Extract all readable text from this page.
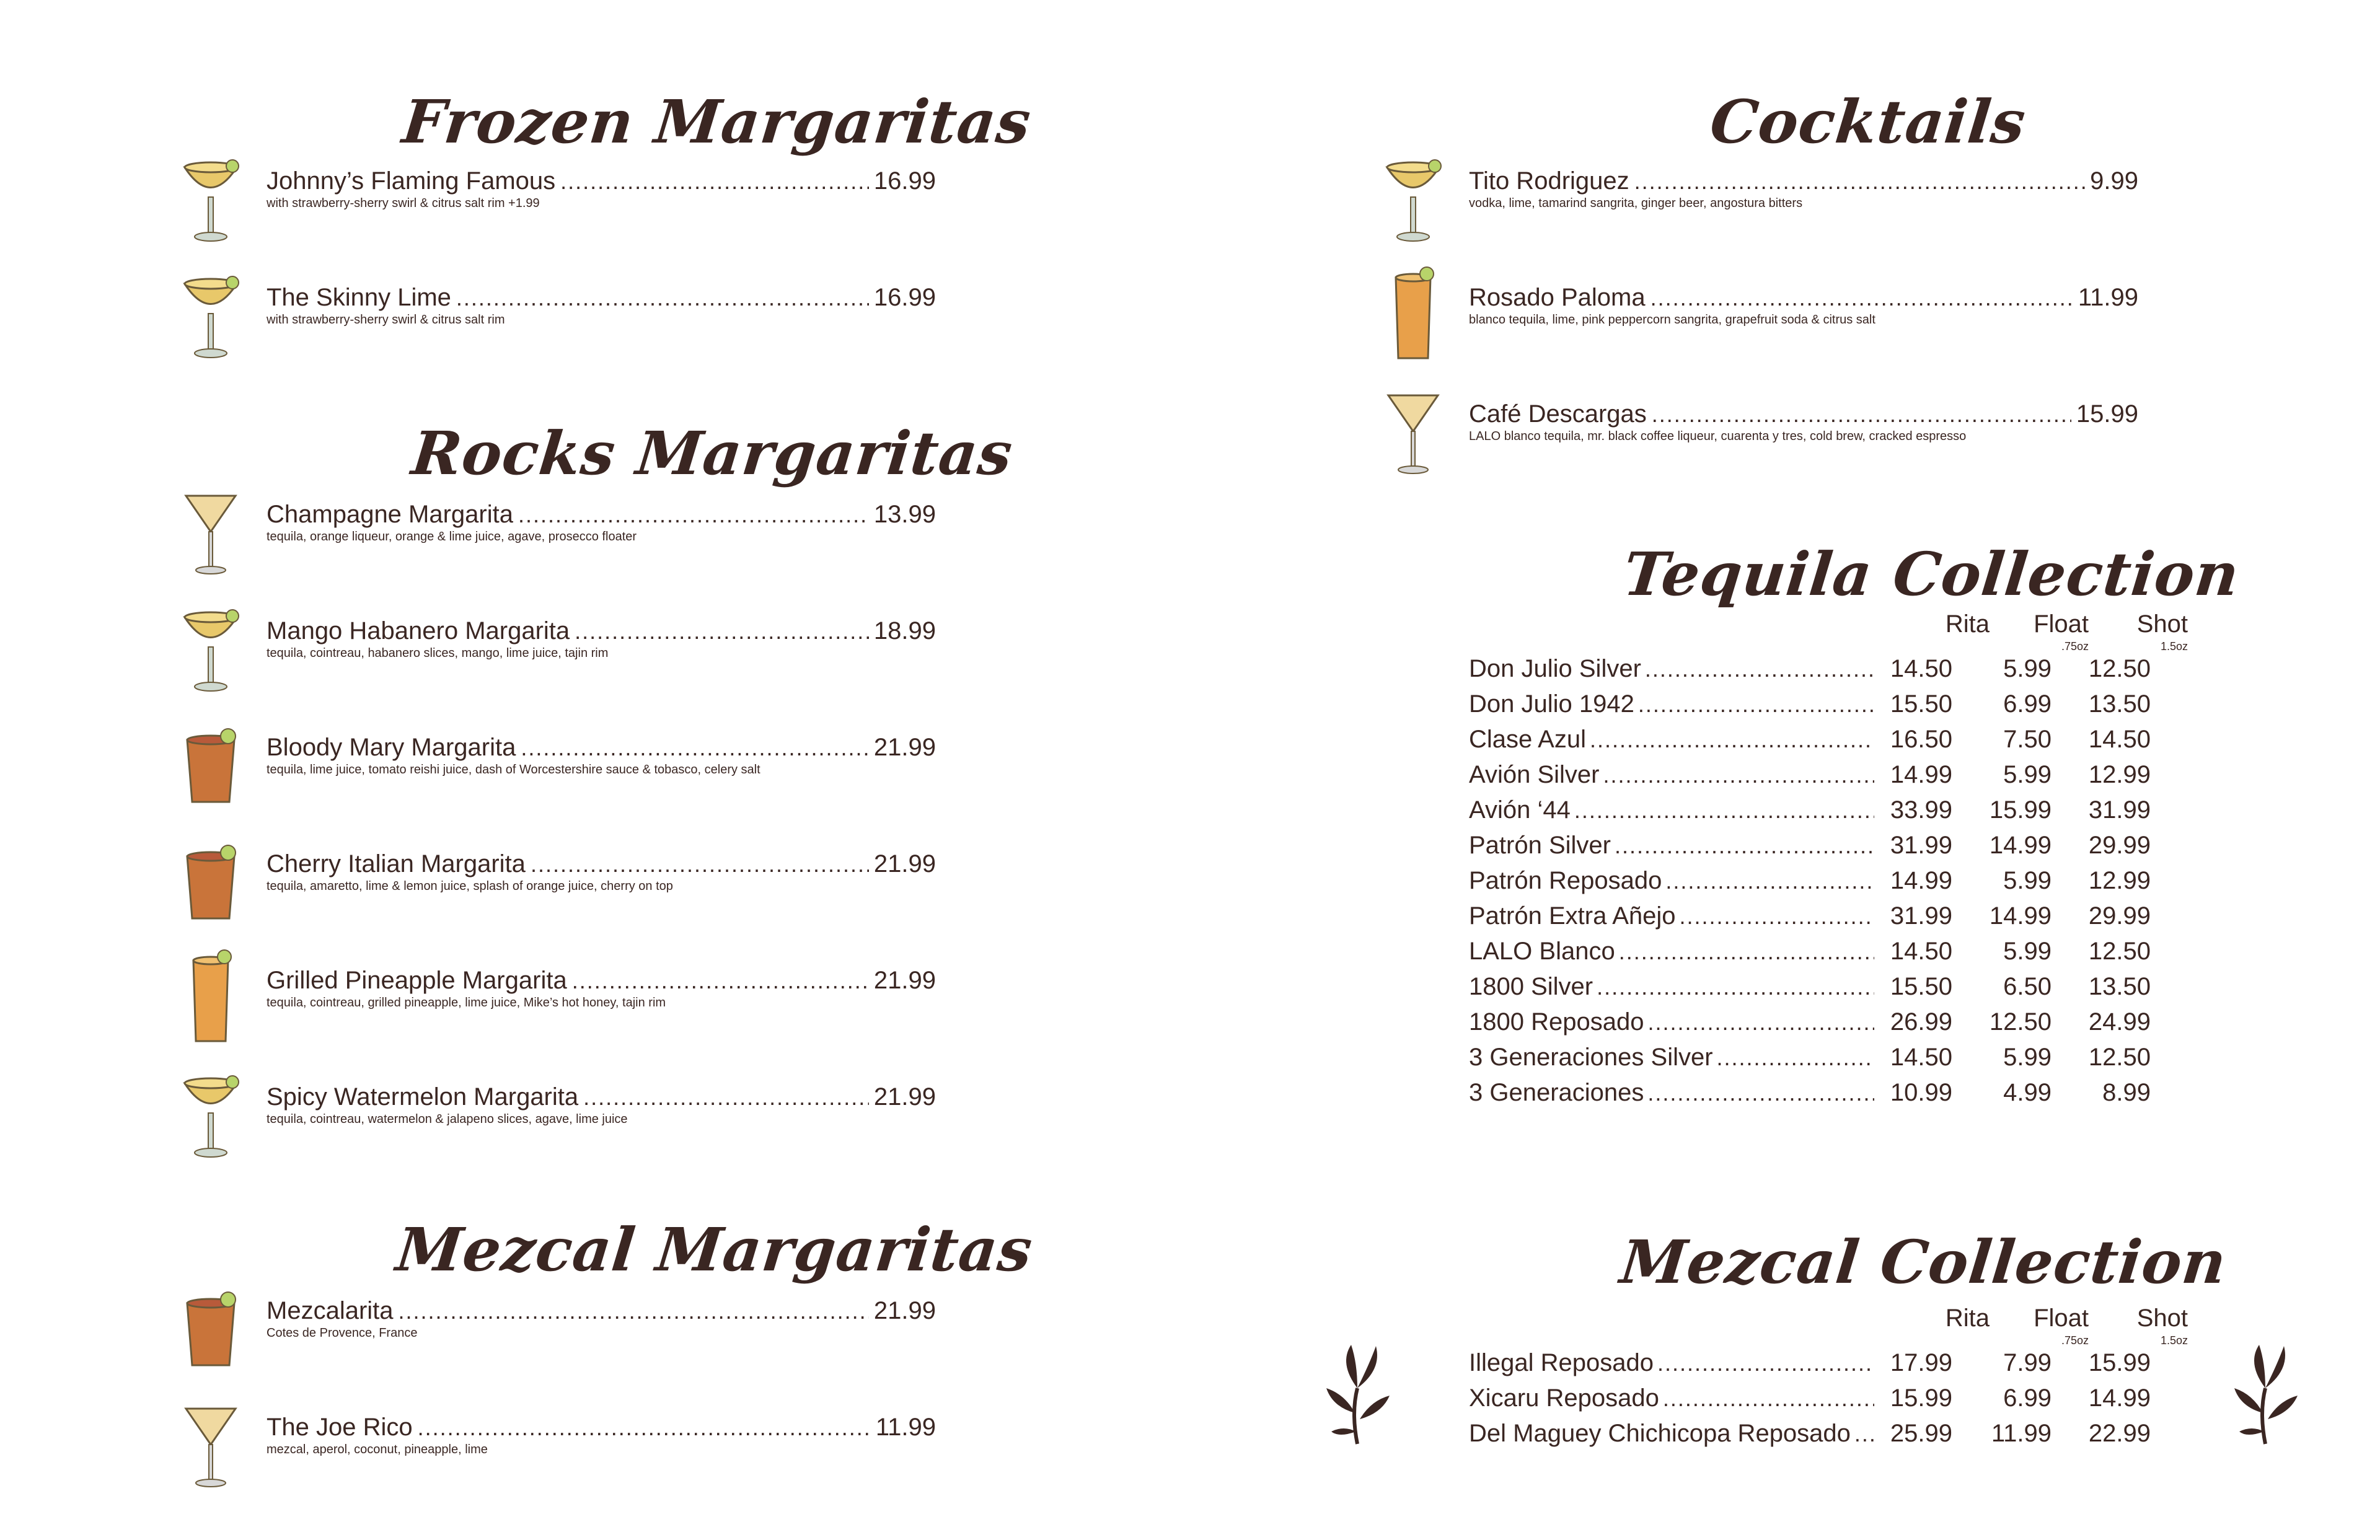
Frozen Margaritas
Johnny’s Flaming Famous .....	16.99
with strawberry-sherry swirl & citrus salt rim +1.99
The Skinny Lime .....	16.99
with strawberry-sherry swirl & citrus salt rim
Rocks Margaritas
Champagne Margarita .....	13.99
tequila, orange liqueur, orange & lime juice, agave, prosecco floater
Mango Habanero Margarita .....	18.99
tequila, cointreau, habanero slices, mango, lime juice, tajin rim
Bloody Mary Margarita .....	21.99
tequila, lime juice, tomato reishi juice, dash of Worcestershire sauce & tobasco, celery salt
Cherry Italian Margarita .....	21.99
tequila, amaretto, lime & lemon juice, splash of orange juice, cherry on top
Grilled Pineapple Margarita .....	21.99
tequila, cointreau, grilled pineapple, lime juice, Mike’s hot honey, tajin rim
Spicy Watermelon Margarita .....	21.99
tequila, cointreau, watermelon & jalapeno slices, agave, lime juice
Mezcal Margaritas
Mezcalarita .....	21.99
Cotes de Provence, France
The Joe Rico .....	11.99
mezcal, aperol, coconut, pineapple, lime
Cocktails
Tito Rodriguez .....	9.99
vodka, lime, tamarind sangrita, ginger beer, angostura bitters
Rosado Paloma .....	11.99
blanco tequila, lime, pink peppercorn sangrita, grapefruit soda & citrus salt
Café Descargas .....	15.99
LALO blanco tequila, mr. black coffee liqueur, cuarenta y tres, cold brew, cracked espresso
Tequila Collection
Rita	Float
.75oz
Shot
1.5oz
Don Julio Silver .....	14.50	5.99	12.50
Don Julio 1942 .....	15.50	6.99	13.50
Clase Azul .....	16.50	7.50	14.50
Avión Silver .....	14.99	5.99	12.99
Avión ‘44 .....	33.99	15.99	31.99
Patrón Silver .....	31.99	14.99	29.99
Patrón Reposado .....	14.99	5.99	12.99
Patrón Extra Añejo .....	31.99	14.99	29.99
LALO Blanco .....	14.50	5.99	12.50
1800 Silver .....	15.50	6.50	13.50
1800 Reposado .....	26.99	12.50	24.99
3 Generaciones Silver .....	14.50	5.99	12.50
3 Generaciones .....	10.99	4.99	8.99
Mezcal Collection
Rita	Float
.75oz
Shot
1.5oz
Illegal Reposado .....	17.99	7.99	15.99
Xicaru Reposado .....	15.99	6.99	14.99
Del Maguey Chichicopa Reposado .....	25.99	11.99	22.99
